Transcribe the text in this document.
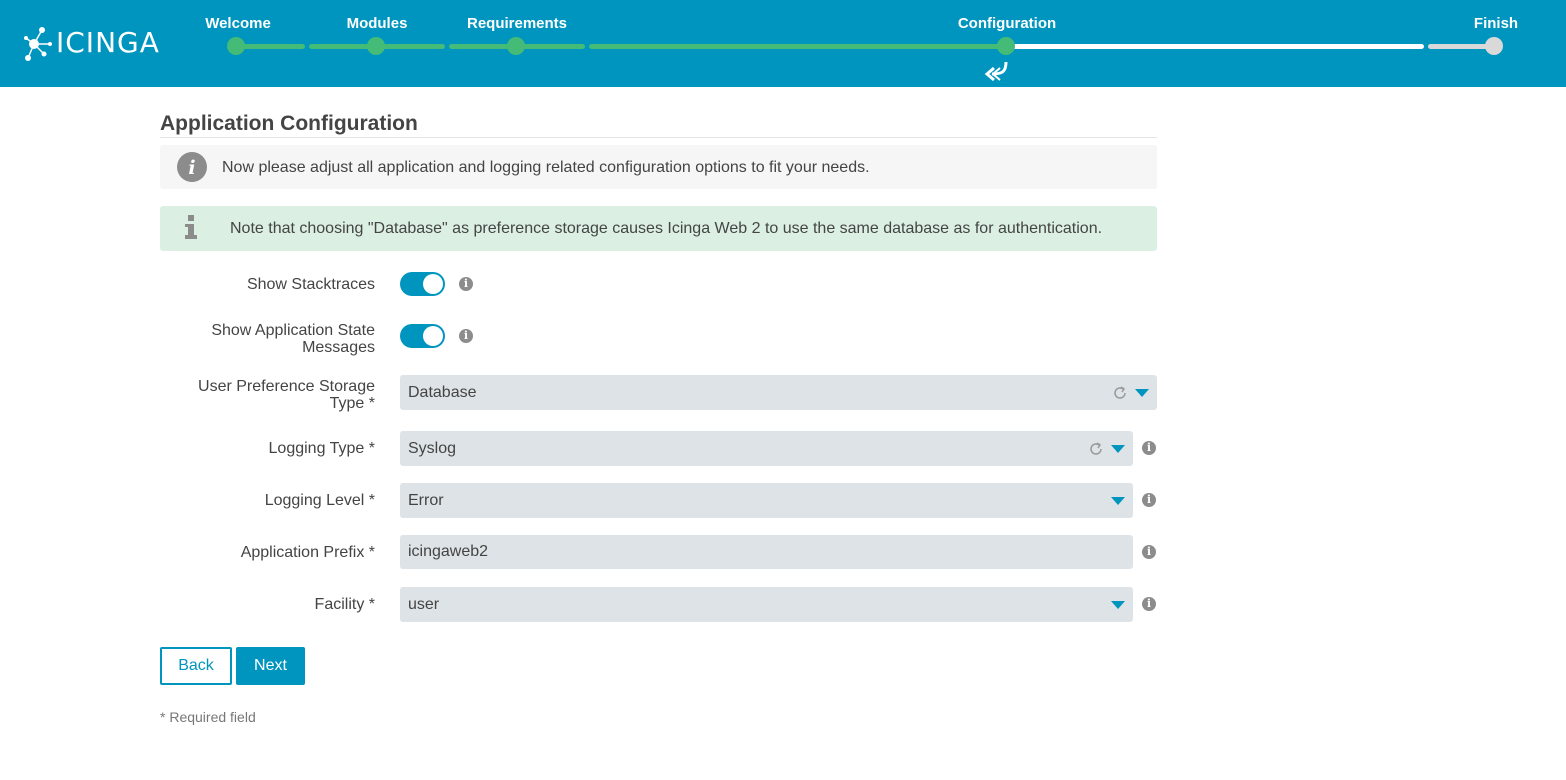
ICINGA
Welcome	Modules	Requirements	Configuration	Finish
Application Configuration
i Now please adjust all application and logging related configuration options to fit your needs.
Note that choosing "Database" as preference storage causes Icinga Web 2 to use the same database as for authentication.
Show Stacktraces	i
Show Application State
Messages
i
User Preference Storage
Type *
Database
Logging Type * Syslog	i
Logging Level * Error	i
Application Prefix * icingaweb2	i
Facility * user	i
Back	Next
* Required field
